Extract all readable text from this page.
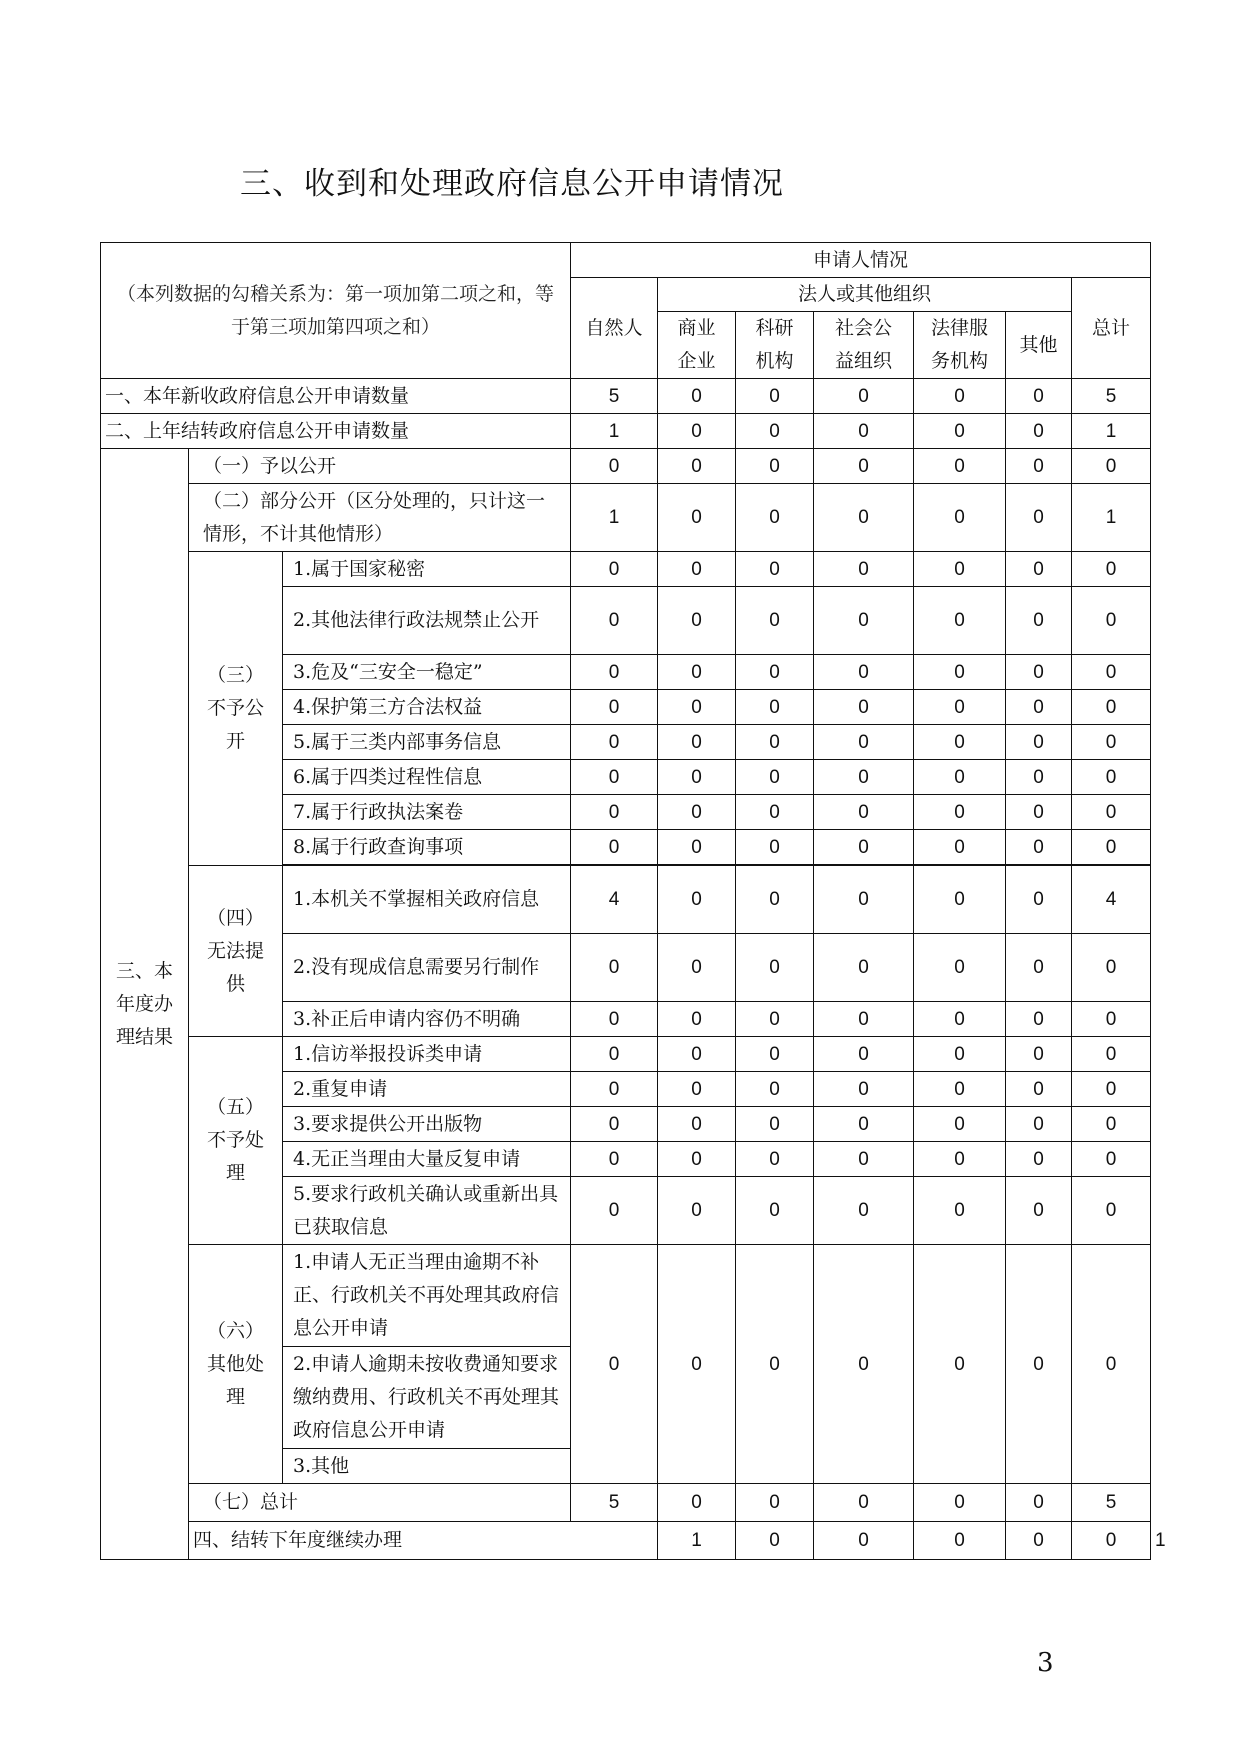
三、收到和处理政府信息公开申请情况
（本列数据的勾稽关系为：第一项加第二项之和，等于第三项加第四项之和）			申请人情况							
			自然人	法人或其他组织					总计	
				商业企业	科研机构	社会公益组织	法律服务机构	其他		
一、本年新收政府信息公开申请数量			5	0	0	0	0	0	5	
二、上年结转政府信息公开申请数量			1	0	0	0	0	0	1	
三、本年度办理结果	（一）予以公开		0	0	0	0	0	0	0	
	（二）部分公开（区分处理的，只计这一情形，不计其他情形）		1	0	0	0	0	0	1	
	（三）不予公开	1.属于国家秘密	0	0	0	0	0	0	0	
		2.其他法律行政法规禁止公开	0	0	0	0	0	0	0	
		3.危及“三安全一稳定”	0	0	0	0	0	0	0	
		4.保护第三方合法权益	0	0	0	0	0	0	0	
		5.属于三类内部事务信息	0	0	0	0	0	0	0	
		6.属于四类过程性信息	0	0	0	0	0	0	0	
		7.属于行政执法案卷	0	0	0	0	0	0	0	
		8.属于行政查询事项	0	0	0	0	0	0	0	

	（四）无法提供	1.本机关不掌握相关政府信息	4	0	0	0	0	0	4	
		2.没有现成信息需要另行制作	0	0	0	0	0	0	0	
		3.补正后申请内容仍不明确	0	0	0	0	0	0	0	
	（五）不予处理	1.信访举报投诉类申请	0	0	0	0	0	0	0	
		2.重复申请	0	0	0	0	0	0	0	
		3.要求提供公开出版物	0	0	0	0	0	0	0	
		4.无正当理由大量反复申请	0	0	0	0	0	0	0	
		5.要求行政机关确认或重新出具已获取信息	0	0	0	0	0	0	0	
	（六）其他处理	1.申请人无正当理由逾期不补正、行政机关不再处理其政府信息公开申请	0	0	0	0	0	0	0	
		2.申请人逾期未按收费通知要求缴纳费用、行政机关不再处理其政府信息公开申请								
		3.其他								
	（七）总计		5	0	0	0	0	0	5	
	四、结转下年度继续办理			1	0	0	0	0	0	1
3
